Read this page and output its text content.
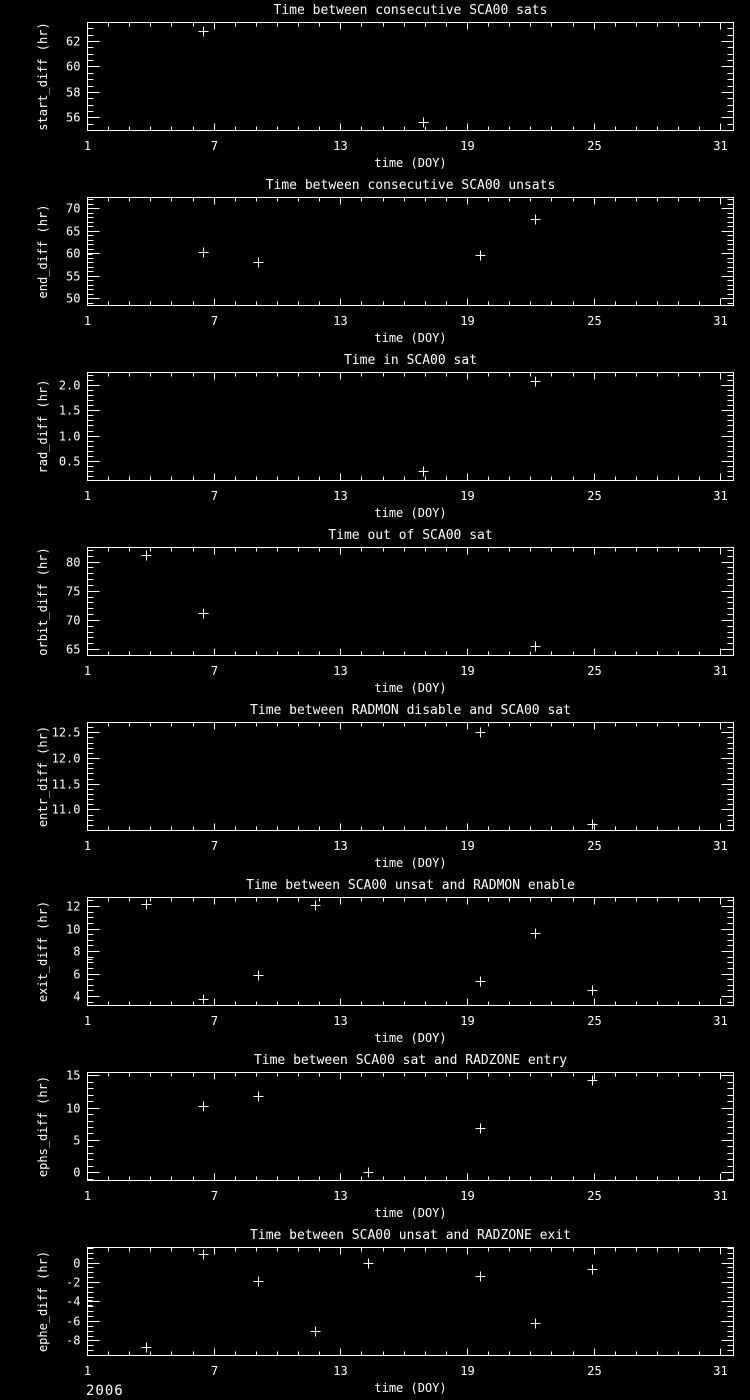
Time between consecutive SCA00 sats
1	7	13	19	25	31
56
58
60
62
time (DOY)
start_diff (hr)
Time between consecutive SCA00 unsats
1	7	13	19	25	31
50
55
60
65
70
time (DOY)
end_diff (hr)
Time in SCA00 sat
1	7	13	19	25	31
0.5
1.0
1.5
2.0
time (DOY)
rad_diff (hr)
Time out of SCA00 sat
1	7	13	19	25	31
65
70
75
80
time (DOY)
orbit_diff (hr)
Time between RADMON disable and SCA00 sat
1	7	13	19	25	31
11.0
11.5
12.0
12.5
time (DOY)
entr_diff (hr)
Time between SCA00 unsat and RADMON enable
1	7	13	19	25	31
4
6
8
10
12
time (DOY)
exit_diff (hr)
Time between SCA00 sat and RADZONE entry
1	7	13	19	25	31
0
5
10
15
time (DOY)
ephs_diff (hr)
Time between SCA00 unsat and RADZONE exit
1	7	13	19	25	31
-8
-6
-4
-2
0
time (DOY)
ephe_diff (hr)
2006
